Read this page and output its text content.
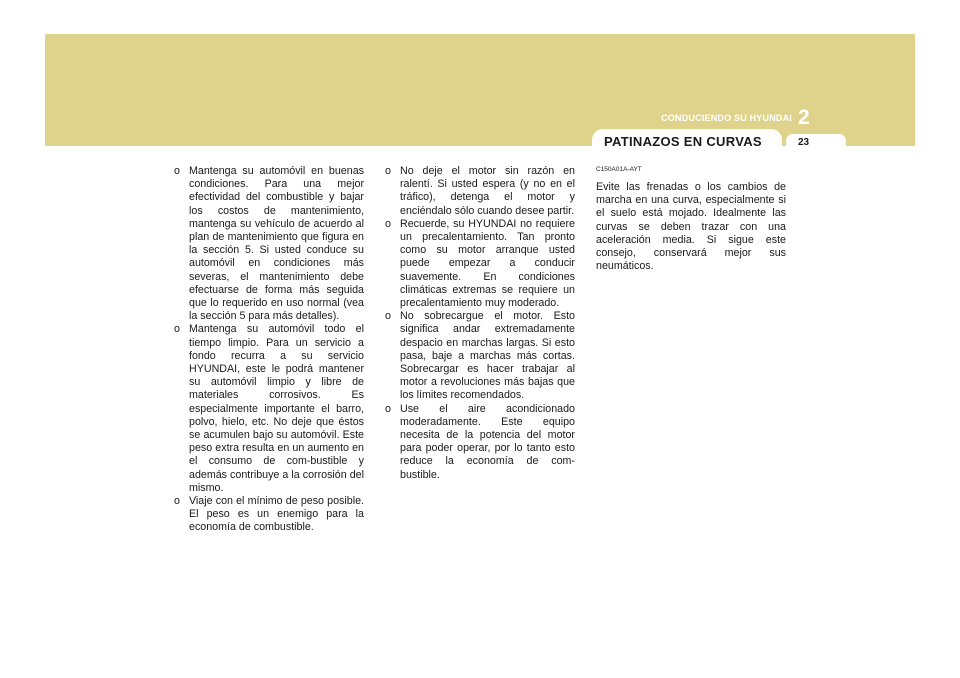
CONDUCIENDO SU HYUNDAI 2
PATINAZOS EN CURVAS	23
o Mantenga su automóvil en buenas condiciones. Para una mejor efectividad del combustible y bajar los costos de mantenimiento, mantenga su vehículo de acuerdo al plan de mantenimiento que figura en la sección 5. Si usted conduce su automóvil en condiciones más severas, el mantenimiento debe efectuarse de forma más seguida que lo requerido en uso normal (vea la sección 5 para más detalles).
o Mantenga su automóvil todo el tiempo limpio. Para un servicio a fondo recurra a su servicio HYUNDAI, este le podrá mantener su automóvil limpio y libre de materiales corrosivos. Es especialmente importante el barro, polvo, hielo, etc. No deje que éstos se acumulen bajo su automóvil. Este peso extra resulta en un aumento en el consumo de com-bustible y además contribuye a la corrosión del mismo.
o Viaje con el mínimo de peso posible. El peso es un enemigo para la economía de combustible.
o No deje el motor sin razón en ralentí. Si usted espera (y no en el tráfico), detenga el motor y enciéndalo sólo cuando desee partir.
o Recuerde, su HYUNDAI no requiere un precalentamiento. Tan pronto como su motor arranque usted puede empezar a conducir suavemente. En condiciones climáticas extremas se requiere un precalentamiento muy moderado.
o No sobrecargue el motor. Esto significa andar extremadamente despacio en marchas largas. Si esto pasa, baje a marchas más cortas. Sobrecargar es hacer trabajar al motor a revoluciones más bajas que los límites recomendados.
o Use el aire acondicionado moderadamente. Este equipo necesita de la potencia del motor para poder operar, por lo tanto esto reduce la economía de com-bustible.
C150A01A-AYT

Evite las frenadas o los cambios de marcha en una curva, especialmente si el suelo está mojado. Idealmente las curvas se deben trazar con una aceleración media. Si sigue este consejo, conservará mejor sus neumáticos.
